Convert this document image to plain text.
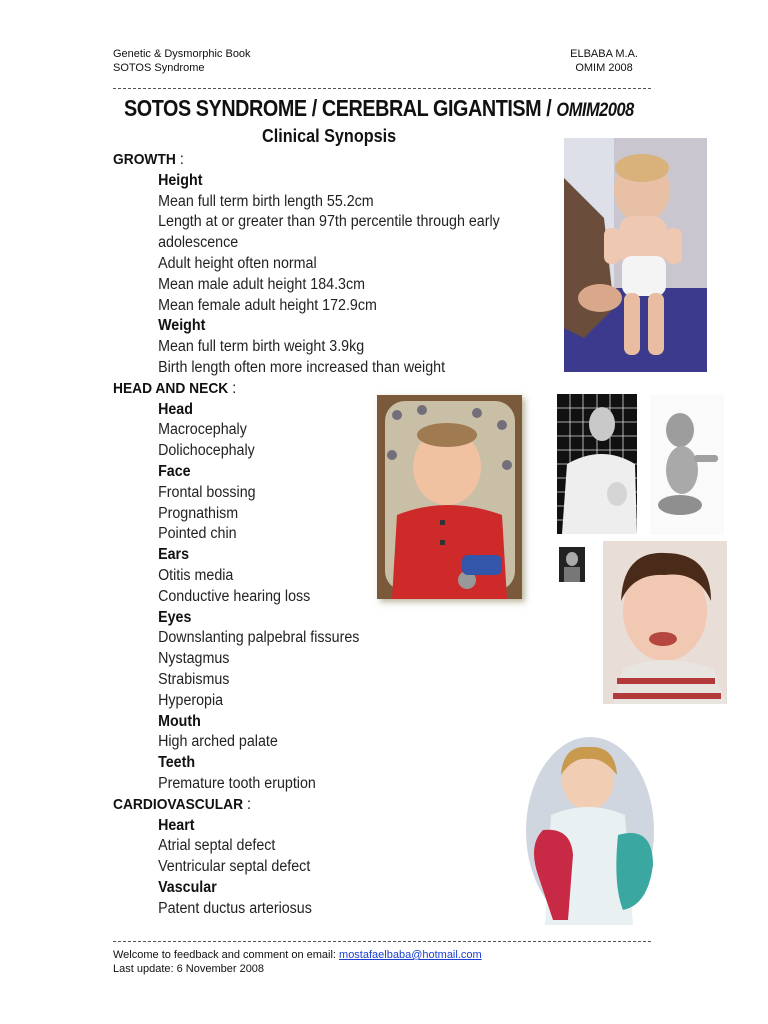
Genetic & Dysmorphic Book
SOTOS Syndrome
ELBABA M.A.
OMIM 2008
SOTOS SYNDROME / CEREBRAL GIGANTISM / OMIM2008
Clinical Synopsis
GROWTH :
Height
Mean full term birth length 55.2cm
Length at or greater than 97th percentile through early
adolescence
Adult height often normal
Mean male adult height 184.3cm
Mean female adult height 172.9cm
Weight
Mean full term birth weight 3.9kg
Birth length often more increased than weight
HEAD AND NECK :
Head
Macrocephaly
Dolichocephaly
Face
Frontal bossing
Prognathism
Pointed chin
Ears
Otitis media
Conductive hearing loss
Eyes
Downslanting palpebral fissures
Nystagmus
Strabismus
Hyperopia
Mouth
High arched palate
Teeth
Premature tooth eruption
CARDIOVASCULAR :
Heart
Atrial septal defect
Ventricular septal defect
Vascular
Patent ductus arteriosus
Welcome to feedback and comment on email: mostafaelbaba@hotmail.com
Last update: 6 November 2008
